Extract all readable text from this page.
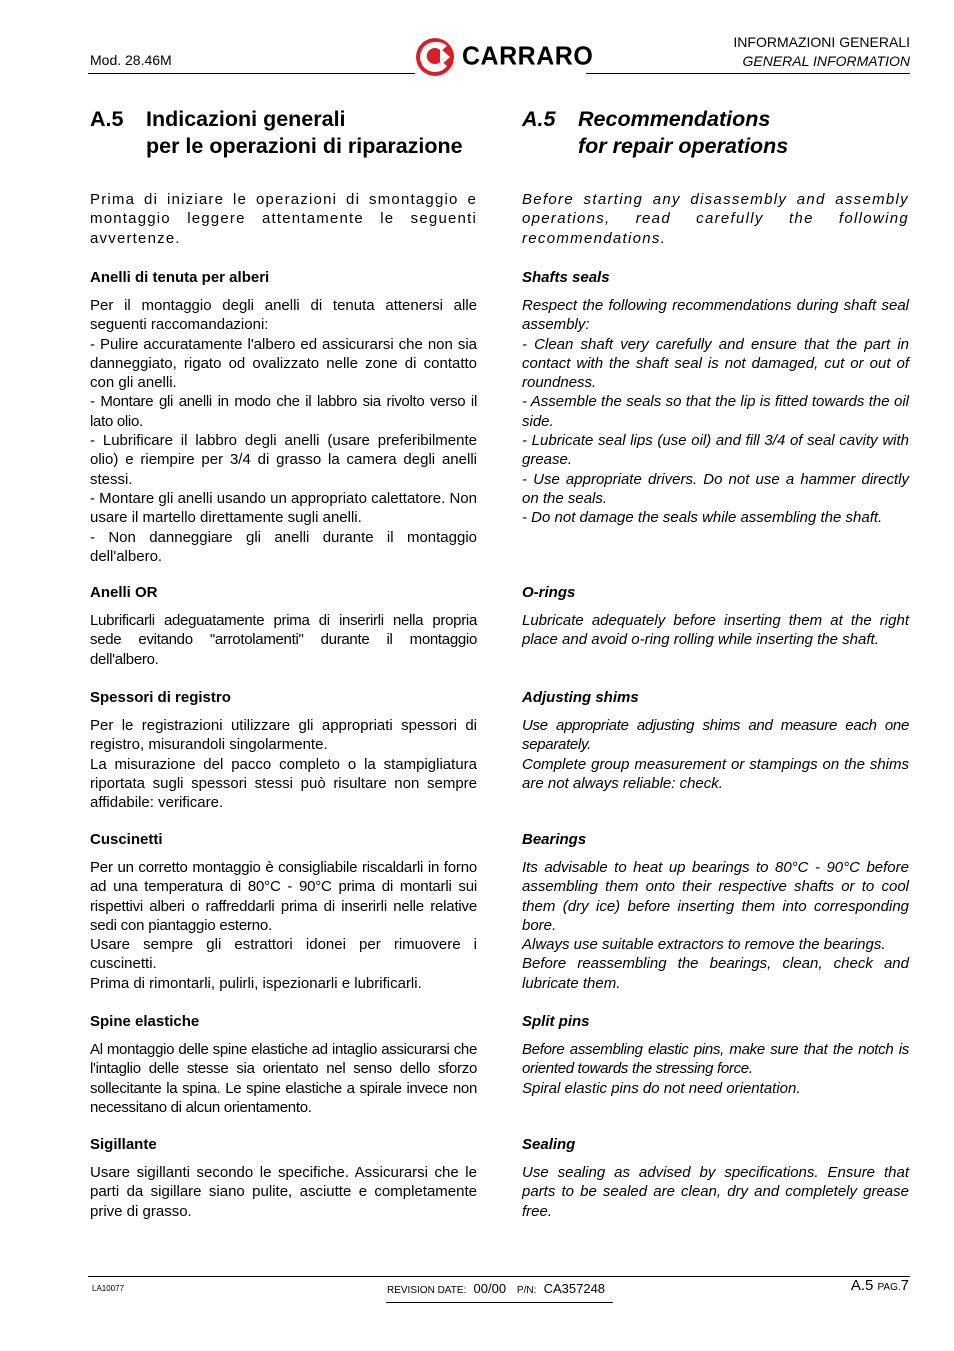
Mod. 28.46M	CARRARO	INFORMAZIONI GENERALI
GENERAL INFORMATION
A.5 Indicazioni generali
per le operazioni di riparazione
A.5 Recommendations
for repair operations

Prima di iniziare le operazioni di smontaggio e montaggio leggere attentamente le seguenti avvertenze.

Anelli di tenuta per alberi

Per il montaggio degli anelli di tenuta attenersi alle seguenti raccomandazioni:

- Pulire accuratamente l'albero ed assicurarsi che non sia danneggiato, rigato od ovalizzato nelle zone di contatto con gli anelli.

- Montare gli anelli in modo che il labbro sia rivolto verso il lato olio.

- Lubrificare il labbro degli anelli (usare preferibilmente olio) e riempire per 3/4 di grasso la camera degli anelli stessi.

- Montare gli anelli usando un appropriato calettatore. Non usare il martello direttamente sugli anelli.

- Non danneggiare gli anelli durante il montaggio dell'albero.

Anelli OR

Lubrificarli adeguatamente prima di inserirli nella propria sede evitando "arrotolamenti" durante il montaggio dell'albero.

Spessori di registro

Per le registrazioni utilizzare gli appropriati spessori di registro, misurandoli singolarmente.

La misurazione del pacco completo o la stampigliatura riportata sugli spessori stessi può risultare non sempre affidabile: verificare.

Cuscinetti

Per un corretto montaggio è consigliabile riscaldarli in forno ad una temperatura di 80°C - 90°C prima di montarli sui rispettivi alberi o raffreddarli prima di inserirli nelle relative sedi con piantaggio esterno.

Usare sempre gli estrattori idonei per rimuovere i cuscinetti.

Prima di rimontarli, pulirli, ispezionarli e lubrificarli.

Spine elastiche

Al montaggio delle spine elastiche ad intaglio assicurarsi che l'intaglio delle stesse sia orientato nel senso dello sforzo sollecitante la spina. Le spine elastiche a spirale invece non necessitano di alcun orientamento.

Sigillante

Usare sigillanti secondo le specifiche. Assicurarsi che le parti da sigillare siano pulite, asciutte e completamente prive di grasso.

Before starting any disassembly and assembly operations, read carefully the following recommendations.

Shafts seals

Respect the following recommendations during shaft seal assembly:

- Clean shaft very carefully and ensure that the part in contact with the shaft seal is not damaged, cut or out of roundness.

- Assemble the seals so that the lip is fitted towards the oil side.

- Lubricate seal lips (use oil) and fill 3/4 of seal cavity with grease.

- Use appropriate drivers. Do not use a hammer directly on the seals.

- Do not damage the seals while assembling the shaft.

O-rings

Lubricate adequately before inserting them at the right place and avoid o-ring rolling while inserting the shaft.

Adjusting shims

Use appropriate adjusting shims and measure each one separately.

Complete group measurement or stampings on the shims are not always reliable: check.

Bearings

Its advisable to heat up bearings to 80°C - 90°C before assembling them onto their respective shafts or to cool them (dry ice) before inserting them into corresponding bore.

Always use suitable extractors to remove the bearings.

Before reassembling the bearings, clean, check and lubricate them.

Split pins

Before assembling elastic pins, make sure that the notch is oriented towards the stressing force.

Spiral elastic pins do not need orientation.

Sealing

Use sealing as advised by specifications. Ensure that parts to be sealed are clean, dry and completely grease free.

LA10077	REVISION DATE: 00/00 P/N: CA357248	A.5 PAG.7
